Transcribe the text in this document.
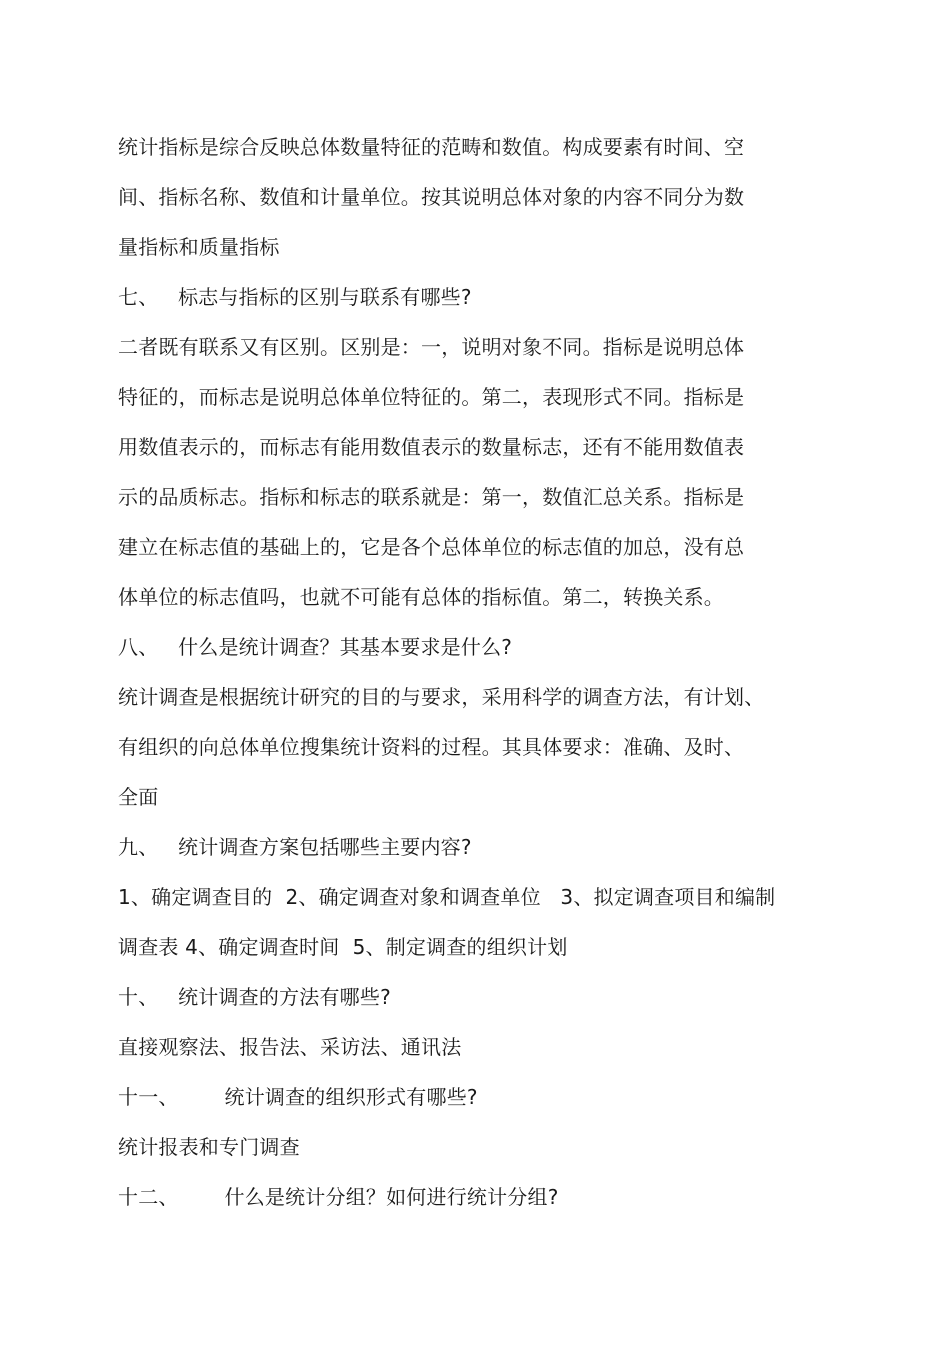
统计指标是综合反映总体数量特征的范畴和数值。构成要素有时间、空
间、指标名称、数值和计量单位。按其说明总体对象的内容不同分为数
量指标和质量指标
七、   标志与指标的区别与联系有哪些?
二者既有联系又有区别。区别是：一，说明对象不同。指标是说明总体
特征的，而标志是说明总体单位特征的。第二，表现形式不同。指标是
用数值表示的，而标志有能用数值表示的数量标志，还有不能用数值表
示的品质标志。指标和标志的联系就是：第一，数值汇总关系。指标是
建立在标志值的基础上的，它是各个总体单位的标志值的加总，没有总
体单位的标志值吗，也就不可能有总体的指标值。第二，转换关系。
八、   什么是统计调查？其基本要求是什么?
统计调查是根据统计研究的目的与要求，采用科学的调查方法，有计划、
有组织的向总体单位搜集统计资料的过程。其具体要求：准确、及时、
全面
九、   统计调查方案包括哪些主要内容?
1、确定调查目的  2、确定调查对象和调查单位   3、拟定调查项目和编制
调查表 4、确定调查时间  5、制定调查的组织计划
十、   统计调查的方法有哪些?
直接观察法、报告法、采访法、通讯法
十一、       统计调查的组织形式有哪些?
统计报表和专门调查
十二、       什么是统计分组？如何进行统计分组?
